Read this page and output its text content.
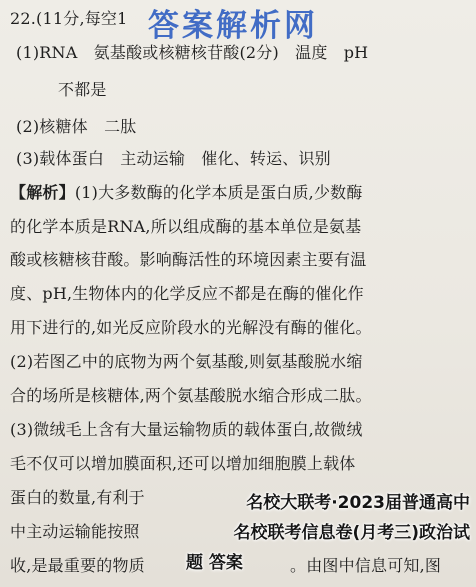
22.(11分,每空1 答案解析网
(1)RNA　氨基酸或核糖核苷酸(2分)　温度　pH
不都是
(2)核糖体　二肽
(3)载体蛋白　主动运输　催化、转运、识别
【解析】(1)大多数酶的化学本质是蛋白质,少数酶
的化学本质是RNA,所以组成酶的基本单位是氨基
酸或核糖核苷酸。影响酶活性的环境因素主要有温
度、pH,生物体内的化学反应不都是在酶的催化作
用下进行的,如光反应阶段水的光解没有酶的催化。
(2)若图乙中的底物为两个氨基酸,则氨基酸脱水缩
合的场所是核糖体,两个氨基酸脱水缩合形成二肽。
(3)微绒毛上含有大量运输物质的载体蛋白,故微绒
毛不仅可以增加膜面积,还可以增加细胞膜上载体
蛋白的数量,有利于
中主动运输能按照
收,是最重要的物质	。由图中信息可知,图
名校大联考·2023届普通高中
名校联考信息卷(月考三)政治试
题 答案
